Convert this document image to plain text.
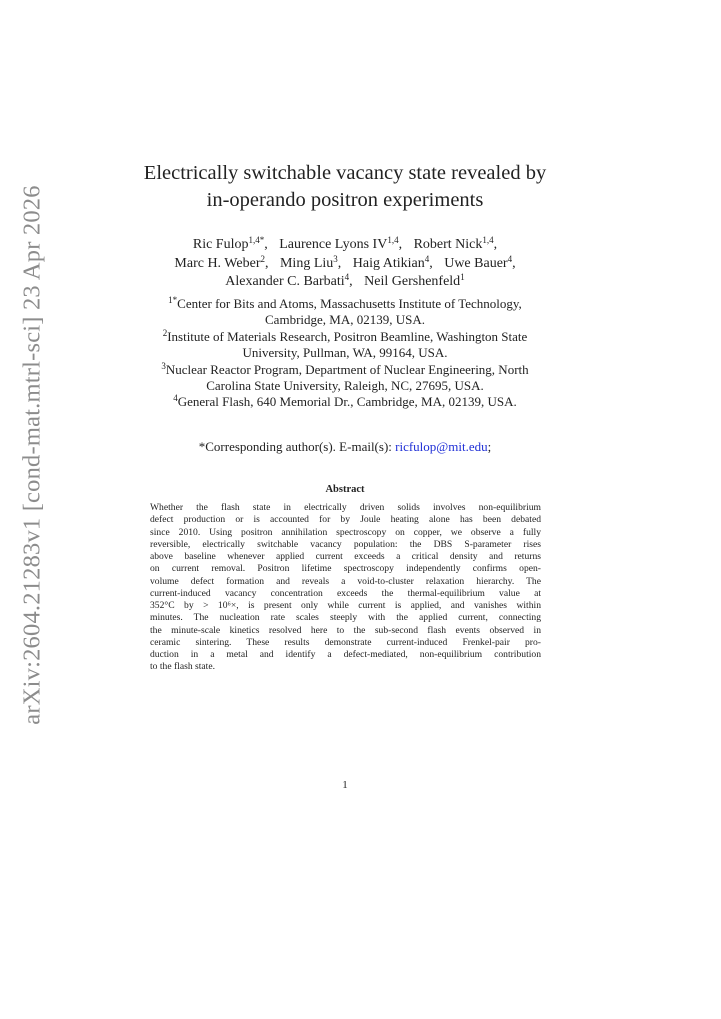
arXiv:2604.21283v1 [cond-mat.mtrl-sci] 23 Apr 2026
Electrically switchable vacancy state revealed by
in-operando positron experiments
Ric Fulop$^{1,4*}$, Laurence Lyons IV$^{1,4}$, Robert Nick$^{1,4}$,
Marc H. Weber$^2$, Ming Liu$^3$, Haig Atikian$^4$, Uwe Bauer$^4$,
Alexander C. Barbati$^4$, Neil Gershenfeld$^1$
$^{1*}$Center for Bits and Atoms, Massachusetts Institute of Technology,
Cambridge, MA, 02139, USA.
$^2$Institute of Materials Research, Positron Beamline, Washington State
University, Pullman, WA, 99164, USA.
$^3$Nuclear Reactor Program, Department of Nuclear Engineering, North
Carolina State University, Raleigh, NC, 27695, USA.
$^4$General Flash, 640 Memorial Dr., Cambridge, MA, 02139, USA.
*Corresponding author(s). E-mail(s): ricfulop@mit.edu;
Abstract
Whether the flash state in electrically driven solids involves non-equilibrium
defect production or is accounted for by Joule heating alone has been debated
since 2010. Using positron annihilation spectroscopy on copper, we observe a fully
reversible, electrically switchable vacancy population: the DBS S-parameter rises
above baseline whenever applied current exceeds a critical density and returns
on current removal. Positron lifetime spectroscopy independently confirms open-
volume defect formation and reveals a void-to-cluster relaxation hierarchy. The
current-induced vacancy concentration exceeds the thermal-equilibrium value at
352°C by > 10⁶×, is present only while current is applied, and vanishes within
minutes. The nucleation rate scales steeply with the applied current, connecting
the minute-scale kinetics resolved here to the sub-second flash events observed in
ceramic sintering. These results demonstrate current-induced Frenkel-pair pro-
duction in a metal and identify a defect-mediated, non-equilibrium contribution
to the flash state.
1
